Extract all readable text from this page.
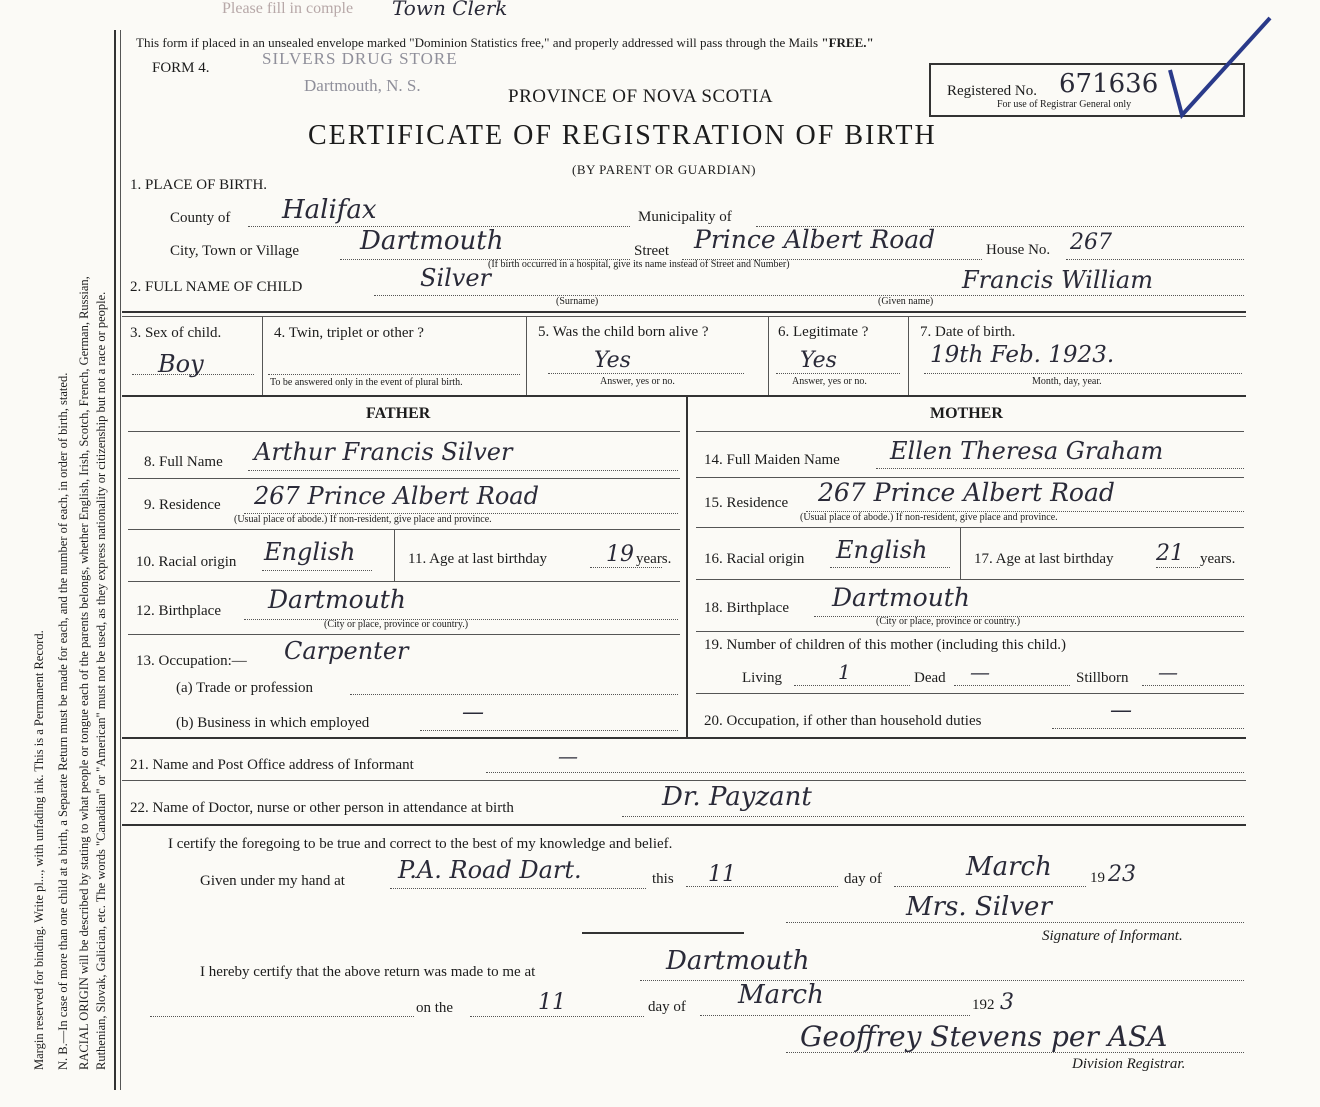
Margin reserved for binding. Write pl..., with unfading ink. This is a Permanent Record. N. B.—In case of more than one child at a birth, a Separate Return must be made for each, and the number of each, in order of birth, stated. RACIAL ORIGIN will be described by stating to what people or tongue each of the parents belongs, whether English, Irish, Scotch, French, German, Russian, Ruthenian, Slovak, Galician, etc. The words "Canadian" or "American" must not be used, as they express nationality or citizenship but not a race or people.
Please fill in comple Town Clerk
SILVERS DRUG STORE
Dartmouth, N. S.
This form if placed in an unsealed envelope marked "Dominion Statistics free," and properly addressed will pass through the Mails "FREE."
FORM 4.
PROVINCE OF NOVA SCOTIA
CERTIFICATE OF REGISTRATION OF BIRTH
(BY PARENT OR GUARDIAN)
Registered No. 671636
For use of Registrar General only
1. PLACE OF BIRTH.
County of Halifax	Municipality of
City, Town or Village Dartmouth	Street Prince Albert Road	House No. 267
(If birth occurred in a hospital, give its name instead of Street and Number)
2. FULL NAME OF CHILD	Silver
(Surname)
Francis William
(Given name)
3. Sex of child.
Boy
4. Twin, triplet or other ?
To be answered only in the event of plural birth.
5. Was the child born alive ?
Yes
Answer, yes or no.
6. Legitimate ?
Yes
Answer, yes or no.
7. Date of birth.
19th Feb. 1923.
Month, day, year.
FATHER	MOTHER
8. Full Name Arthur Francis Silver
9. Residence 267 Prince Albert Road
(Usual place of abode.) If non-resident, give place and province.
10. Racial origin English	11. Age at last birthday	19 years.
12. Birthplace Dartmouth
(City or place, province or country.)
13. Occupation:— Carpenter
(a) Trade or profession
(b) Business in which employed	—
14. Full Maiden Name Ellen Theresa Graham
15. Residence 267 Prince Albert Road
(Usual place of abode.) If non-resident, give place and province.
16. Racial origin English	17. Age at last birthday 21 years.
18. Birthplace Dartmouth
(City or place, province or country.)
19. Number of children of this mother (including this child.)
Living	1	Dead —	Stillborn —
20. Occupation, if other than household duties	—
21. Name and Post Office address of Informant	—
22. Name of Doctor, nurse or other person in attendance at birth	Dr. Payzant
I certify the foregoing to be true and correct to the best of my knowledge and belief.
Given under my hand at P.A. Road Dart.	this 11	day of	March	19 23
Mrs. Silver
Signature of Informant.
I hereby certify that the above return was made to me at	Dartmouth
on the	11	day of March	192 3
Geoffrey Stevens per ASA
Division Registrar.
